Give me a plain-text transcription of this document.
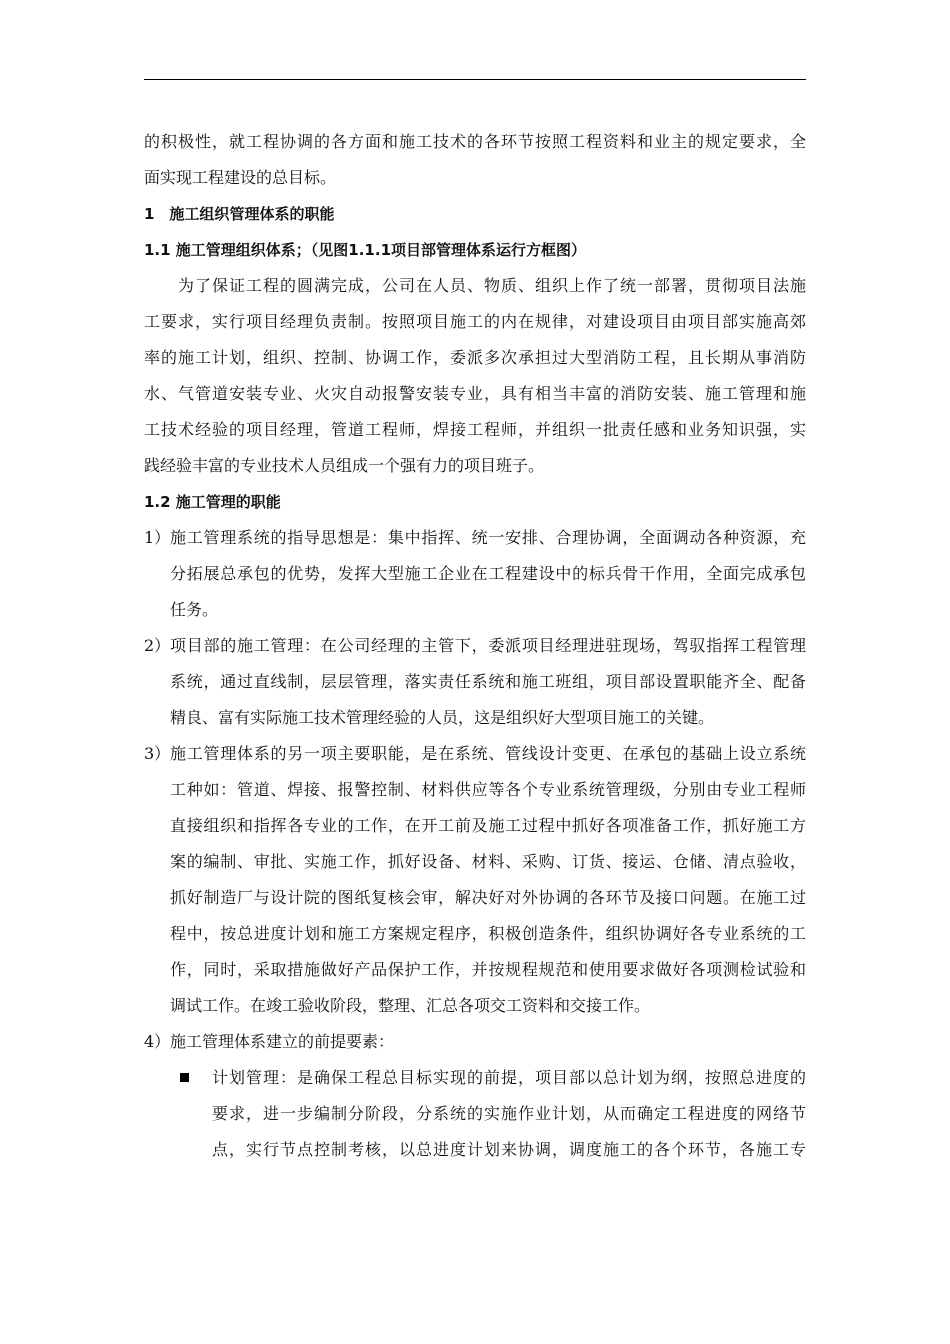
的积极性，就工程协调的各方面和施工技术的各环节按照工程资料和业主的规定要求，全
面实现工程建设的总目标。
1　施工组织管理体系的职能
1.1 施工管理组织体系；（见图1.1.1项目部管理体系运行方框图）
为了保证工程的圆满完成，公司在人员、物质、组织上作了统一部署，贯彻项目法施
工要求，实行项目经理负责制。按照项目施工的内在规律，对建设项目由项目部实施高郊
率的施工计划，组织、控制、协调工作，委派多次承担过大型消防工程，且长期从事消防
水、气管道安装专业、火灾自动报警安装专业，具有相当丰富的消防安装、施工管理和施
工技术经验的项目经理，管道工程师，焊接工程师，并组织一批责任感和业务知识强，实
践经验丰富的专业技术人员组成一个强有力的项目班子。
1.2 施工管理的职能
1） 施工管理系统的指导思想是：集中指挥、统一安排、合理协调，全面调动各种资源，充
分拓展总承包的优势，发挥大型施工企业在工程建设中的标兵骨干作用，全面完成承包
任务。
2） 项目部的施工管理：在公司经理的主管下，委派项目经理进驻现场，驾驭指挥工程管理
系统，通过直线制，层层管理，落实责任系统和施工班组，项目部设置职能齐全、配备
精良、富有实际施工技术管理经验的人员，这是组织好大型项目施工的关键。
3） 施工管理体系的另一项主要职能，是在系统、管线设计变更、在承包的基础上设立系统
工种如：管道、焊接、报警控制、材料供应等各个专业系统管理级，分别由专业工程师
直接组织和指挥各专业的工作，在开工前及施工过程中抓好各项准备工作，抓好施工方
案的编制、审批、实施工作，抓好设备、材料、采购、订货、接运、仓储、清点验收，
抓好制造厂与设计院的图纸复核会审，解决好对外协调的各环节及接口问题。在施工过
程中，按总进度计划和施工方案规定程序，积极创造条件，组织协调好各专业系统的工
作，同时，采取措施做好产品保护工作，并按规程规范和使用要求做好各项测检试验和
调试工作。在竣工验收阶段，整理、汇总各项交工资料和交接工作。
4） 施工管理体系建立的前提要素：
计划管理：是确保工程总目标实现的前提，项目部以总计划为纲，按照总进度的
要求，进一步编制分阶段，分系统的实施作业计划，从而确定工程进度的网络节
点，实行节点控制考核，以总进度计划来协调，调度施工的各个环节，各施工专
